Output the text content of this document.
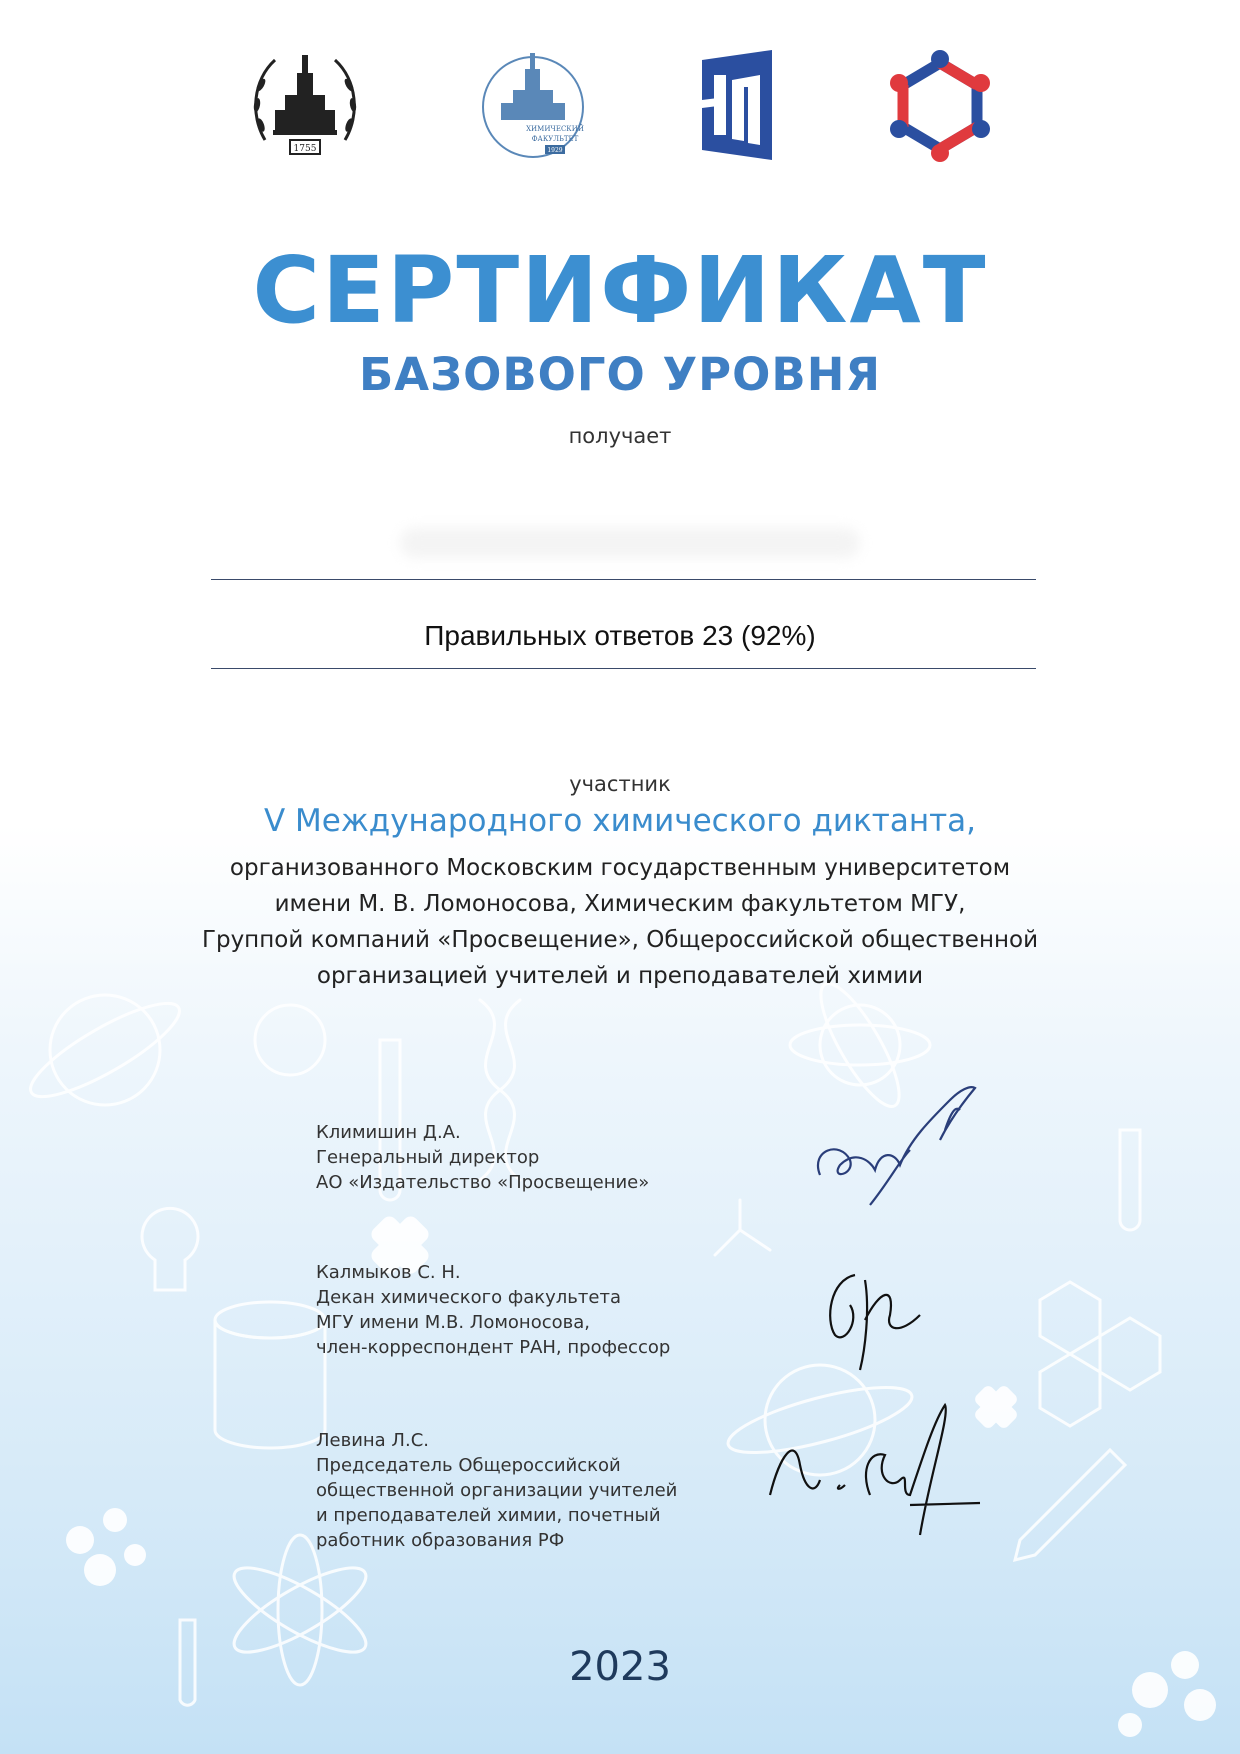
1755
ХИМИЧЕСКИЙ
ФАКУЛЬТЕТ
1929
СЕРТИФИКАТ
БАЗОВОГО УРОВНЯ
получает
Правильных ответов 23 (92%)
участник
V Международного химического диктанта,
организованного Московским государственным университетом
имени М. В. Ломоносова, Химическим факультетом МГУ,
Группой компаний «Просвещение», Общероссийской общественной
организацией учителей и преподавателей химии
Климишин Д.А.
Генеральный директор
АО «Издательство «Просвещение»
Калмыков С. Н.
Декан химического факультета
МГУ имени М.В. Ломоносова,
член-корреспондент РАН, профессор
Левина Л.С.
Председатель Общероссийской
общественной организации учителей
и преподавателей химии, почетный
работник образования РФ
2023
